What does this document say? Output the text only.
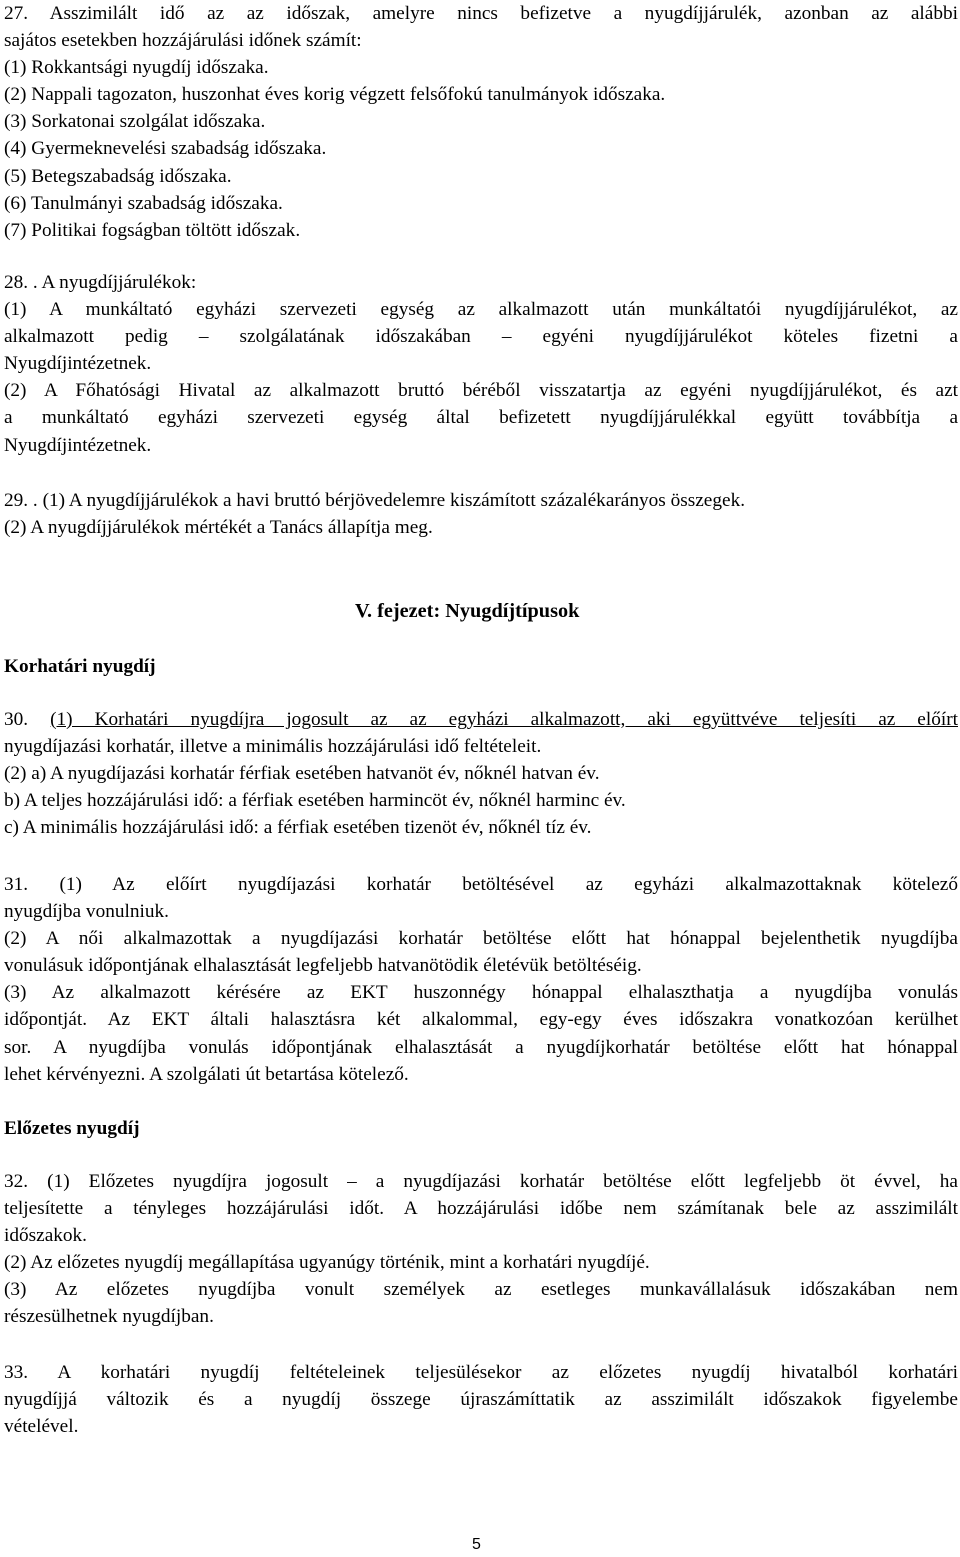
27. Asszimilált idő az az időszak, amelyre nincs befizetve a nyugdíjjárulék, azonban az alábbi
sajátos esetekben hozzájárulási időnek számít:
(1) Rokkantsági nyugdíj időszaka.
(2) Nappali tagozaton, huszonhat éves korig végzett felsőfokú tanulmányok időszaka.
(3) Sorkatonai szolgálat időszaka.
(4) Gyermeknevelési szabadság időszaka.
(5) Betegszabadság időszaka.
(6) Tanulmányi szabadság időszaka.
(7) Politikai fogságban töltött időszak.
28. . A nyugdíjjárulékok:
(1) A munkáltató egyházi szervezeti egység az alkalmazott után munkáltatói nyugdíjjárulékot, az
alkalmazott pedig – szolgálatának időszakában – egyéni nyugdíjjárulékot köteles fizetni a
Nyugdíjintézetnek.
(2) A Főhatósági Hivatal az alkalmazott bruttó béréből visszatartja az egyéni nyugdíjjárulékot, és azt
a munkáltató egyházi szervezeti egység által befizetett nyugdíjjárulékkal együtt továbbítja a
Nyugdíjintézetnek.
29. . (1) A nyugdíjjárulékok a havi bruttó bérjövedelemre kiszámított százalékarányos összegek.
(2) A nyugdíjjárulékok mértékét a Tanács állapítja meg.
V. fejezet: Nyugdíjtípusok
Korhatári nyugdíj
30. (1) Korhatári nyugdíjra jogosult az az egyházi alkalmazott, aki együttvéve teljesíti az előírt
nyugdíjazási korhatár, illetve a minimális hozzájárulási idő feltételeit.
(2) a) A nyugdíjazási korhatár férfiak esetében hatvanöt év, nőknél hatvan év.
b) A teljes hozzájárulási idő: a férfiak esetében harmincöt év, nőknél harminc év.
c) A minimális hozzájárulási idő: a férfiak esetében tizenöt év, nőknél tíz év.
31. (1) Az előírt nyugdíjazási korhatár betöltésével az egyházi alkalmazottaknak kötelező
nyugdíjba vonulniuk.
(2) A női alkalmazottak a nyugdíjazási korhatár betöltése előtt hat hónappal bejelenthetik nyugdíjba
vonulásuk időpontjának elhalasztását legfeljebb hatvanötödik életévük betöltéséig.
(3) Az alkalmazott kérésére az EKT huszonnégy hónappal elhalaszthatja a nyugdíjba vonulás
időpontját. Az EKT általi halasztásra két alkalommal, egy-egy éves időszakra vonatkozóan kerülhet
sor. A nyugdíjba vonulás időpontjának elhalasztását a nyugdíjkorhatár betöltése előtt hat hónappal
lehet kérvényezni. A szolgálati út betartása kötelező.
Előzetes nyugdíj
32. (1) Előzetes nyugdíjra jogosult – a nyugdíjazási korhatár betöltése előtt legfeljebb öt évvel, ha
teljesítette a tényleges hozzájárulási időt. A hozzájárulási időbe nem számítanak bele az asszimilált
időszakok.
(2) Az előzetes nyugdíj megállapítása ugyanúgy történik, mint a korhatári nyugdíjé.
(3) Az előzetes nyugdíjba vonult személyek az esetleges munkavállalásuk időszakában nem
részesülhetnek nyugdíjban.
33. A korhatári nyugdíj feltételeinek teljesülésekor az előzetes nyugdíj hivatalból korhatári
nyugdíjjá változik és a nyugdíj összege újraszámíttatik az asszimilált időszakok figyelembe
vételével.
5
